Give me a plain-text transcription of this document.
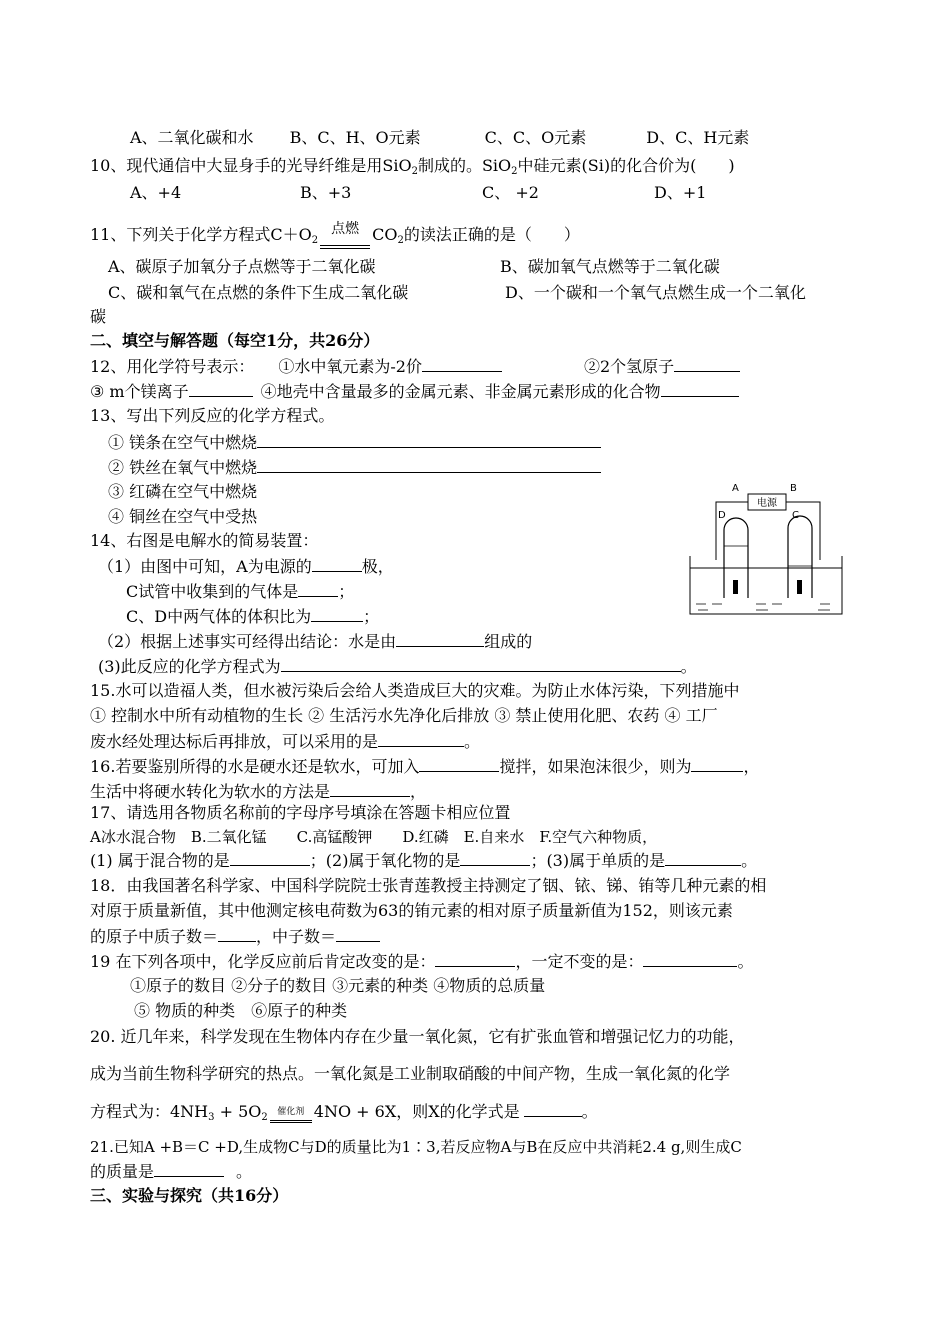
A、二氧化碳和水 B、C、H、O元素	C、C、O元素	D、C、H元素
10、现代通信中大显身手的光导纤维是用SiO$_2$制成的。SiO$_2$中硅元素(Si)的化合价为(　　)
A、+4	B、+3	C、 +2	D、+1
11、下列关于化学方程式$C+O_2$
点燃 $CO_2$的读法正确的是（　　）
A、碳原子加氧分子点燃等于二氧化碳	B、碳加氧气点燃等于二氧化碳
C、碳和氧气在点燃的条件下生成二氧化碳	D、一个碳和一个氧气点燃生成一个二氧化
碳
二、填空与解答题（每空1分，共26分）
12、用化学符号表示：　　①水中氧元素为-2价	②2个氢原子
③ m个镁离子	④地壳中含量最多的金属元素、非金属元素形成的化合物
13、写出下列反应的化学方程式。
① 镁条在空气中燃烧
② 铁丝在氧气中燃烧
③ 红磷在空气中燃烧
④ 铜丝在空气中受热
A	B
电源
D	C
14、右图是电解水的简易装置：
（1）由图中可知，A为电源的	极，
C试管中收集到的气体是	；
C、D中两气体的体积比为	；
（2）根据上述事实可经得出结论：水是由	组成的
(3)此反应的化学方程式为	。
15.水可以造福人类，但水被污染后会给人类造成巨大的灾难。为防止水体污染，下列措施中
① 控制水中所有动植物的生长 ② 生活污水先净化后排放 ③ 禁止使用化肥、农药 ④ 工厂
废水经处理达标后再排放，可以采用的是	。
16.若要鉴别所得的水是硬水还是软水，可加入	搅拌，如果泡沫很少，则为	，
生活中将硬水转化为软水的方法是	，
17、请选用各物质名称前的字母序号填涂在答题卡相应位置
A冰水混合物　B.二氧化锰　　C.高锰酸钾　　D.红磷　E.自来水　F.空气六种物质，
(1) 属于混合物的是	；(2)属于氧化物的是	；(3)属于单质的是	。
18．由我国著名科学家、中国科学院院士张青莲教授主持测定了铟、铱、锑、铕等几种元素的相
对原于质量新值，其中他测定核电荷数为63的铕元素的相对原子质量新值为152，则该元素
的原子中质子数＝ ，中子数＝
19 在下列各项中，化学反应前后肯定改变的是：	，一定不变的是：	。
①原子的数目 ②分子的数目 ③元素的种类 ④物质的总质量
⑤ 物质的种类　⑥原子的种类
20. 近几年来，科学发现在生物体内存在少量一氧化氮，它有扩张血管和增强记忆力的功能，
成为当前生物科学研究的热点。一氧化氮是工业制取硝酸的中间产物，生成一氧化氮的化学
方程式为：$4NH_3 + 5O_2$	催化剂 4NO + 6X，则X的化学式是	。
21.已知A +B＝C +D,生成物C与D的质量比为1∶3,若反应物A与B在反应中共消耗2.4 g,则生成C
的质量是	。
三、实验与探究（共16分）
